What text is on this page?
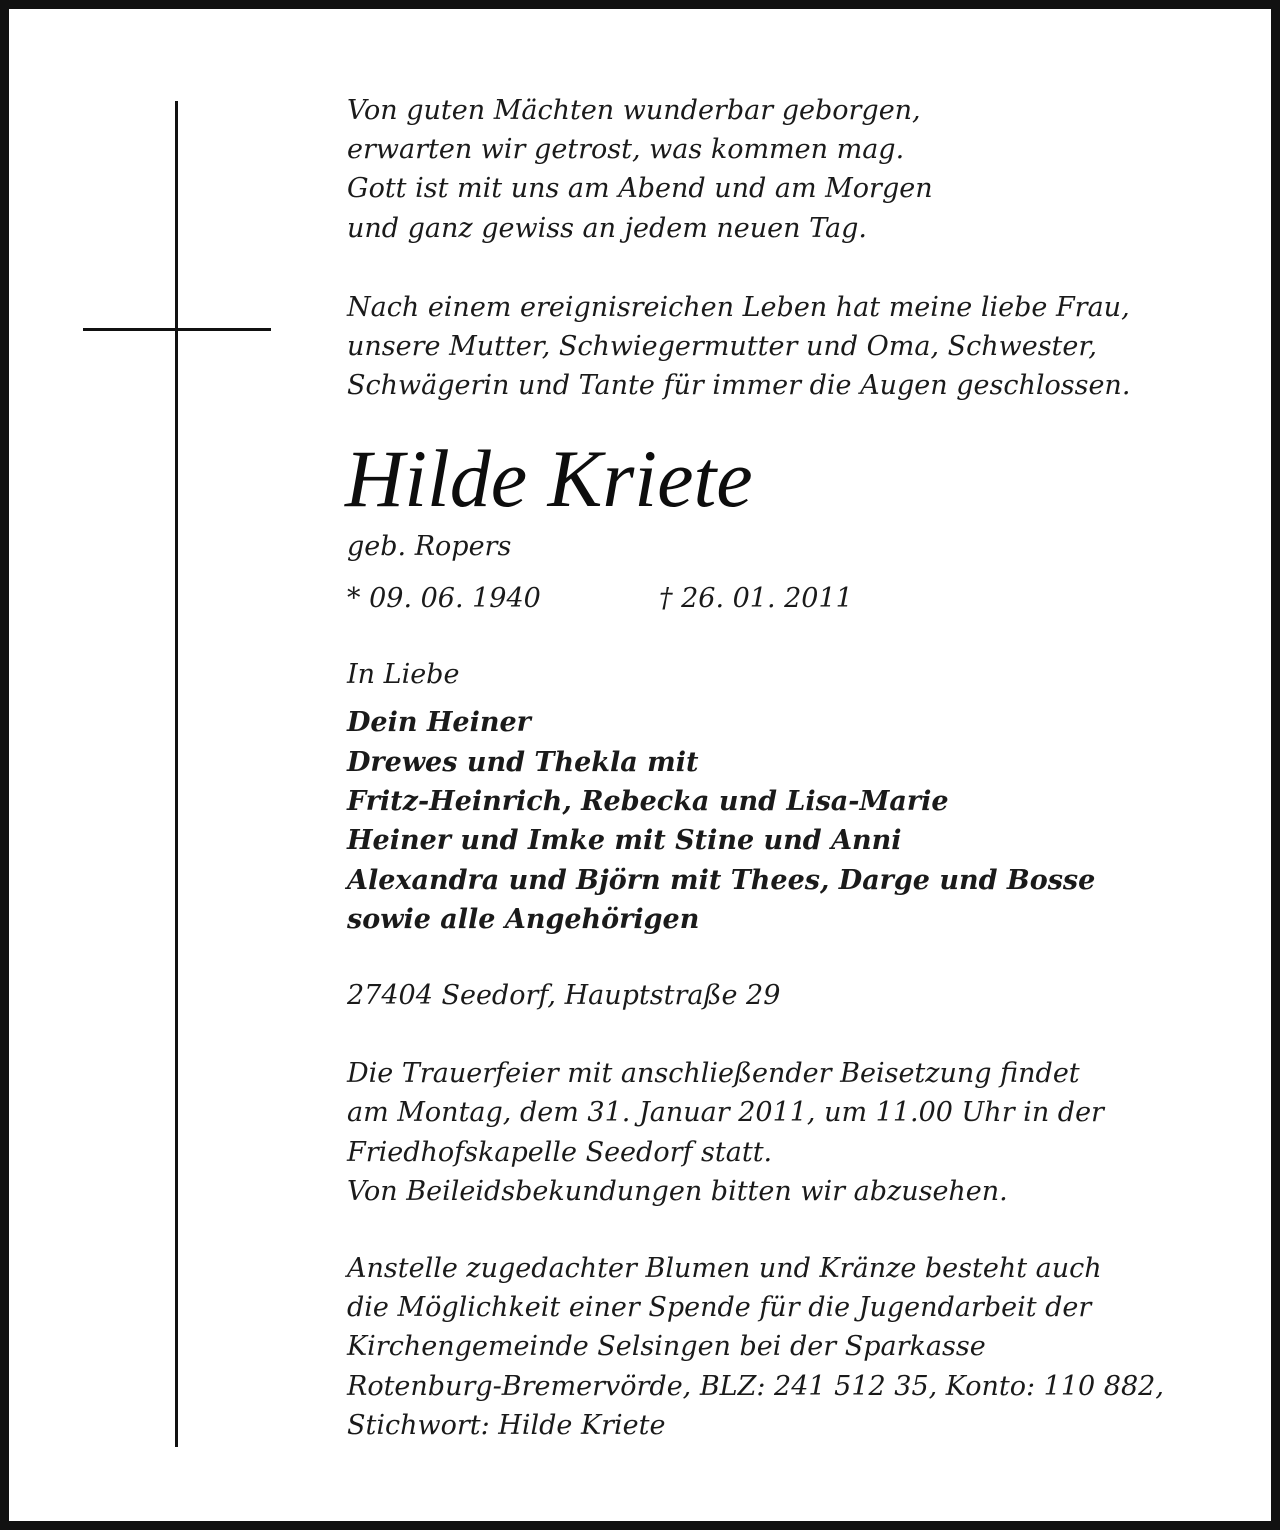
Von guten Mächten wunderbar geborgen,
erwarten wir getrost, was kommen mag.
Gott ist mit uns am Abend und am Morgen
und ganz gewiss an jedem neuen Tag.
Nach einem ereignisreichen Leben hat meine liebe Frau,
unsere Mutter, Schwiegermutter und Oma, Schwester,
Schwägerin und Tante für immer die Augen geschlossen.
Hilde Kriete
geb. Ropers
* 09. 06. 1940	† 26. 01. 2011
In Liebe
Dein Heiner
Drewes und Thekla mit
Fritz-Heinrich, Rebecka und Lisa-Marie
Heiner und Imke mit Stine und Anni
Alexandra und Björn mit Thees, Darge und Bosse
sowie alle Angehörigen
27404 Seedorf, Hauptstraße 29
Die Trauerfeier mit anschließender Beisetzung findet
am Montag, dem 31. Januar 2011, um 11.00 Uhr in der
Friedhofskapelle Seedorf statt.
Von Beileidsbekundungen bitten wir abzusehen.
Anstelle zugedachter Blumen und Kränze besteht auch
die Möglichkeit einer Spende für die Jugendarbeit der
Kirchengemeinde Selsingen bei der Sparkasse
Rotenburg-Bremervörde, BLZ: 241 512 35, Konto: 110 882,
Stichwort: Hilde Kriete
